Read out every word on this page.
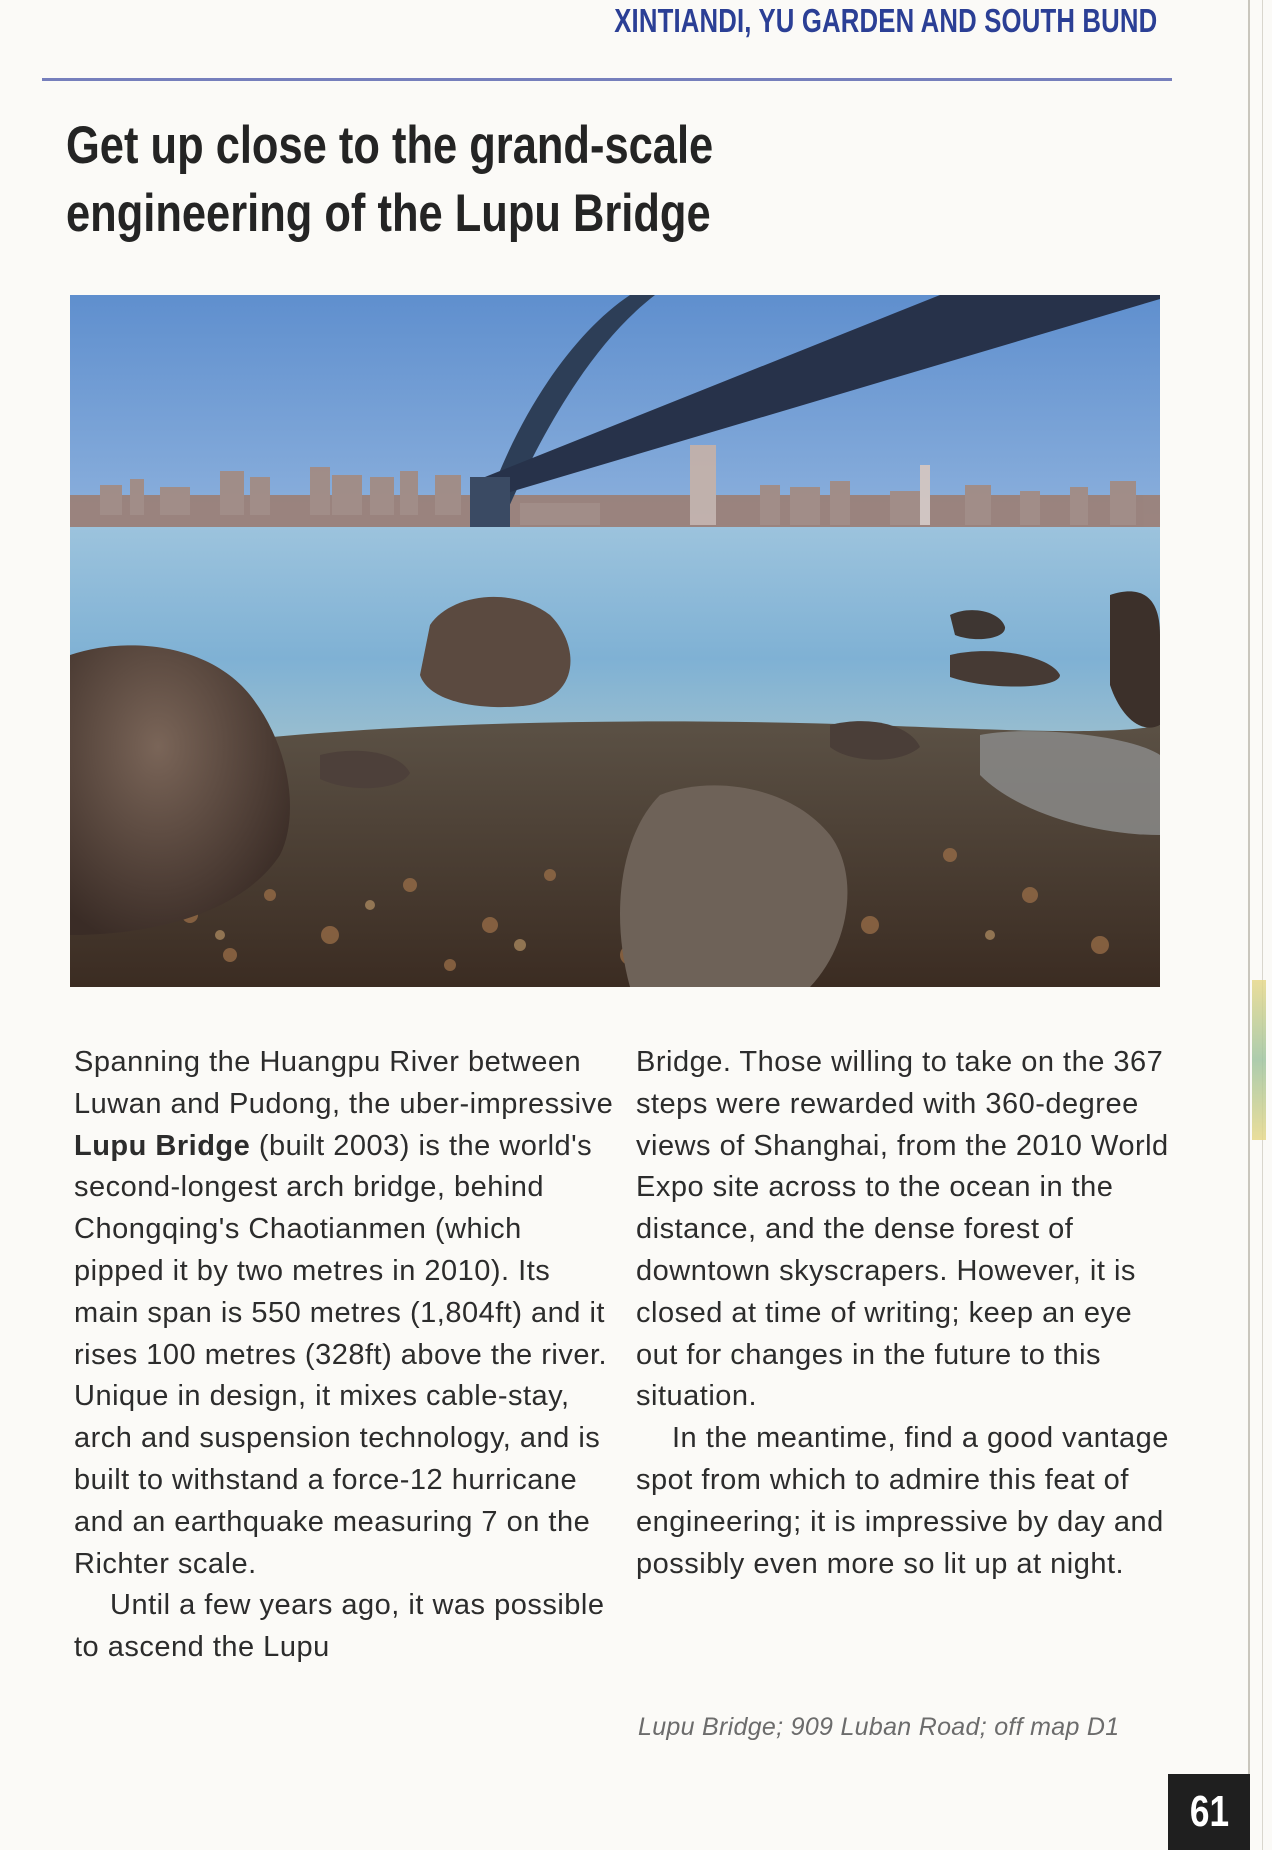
XINTIANDI, YU GARDEN AND SOUTH BUND
Get up close to the grand-scale
engineering of the Lupu Bridge

Spanning the Huangpu River between Luwan and Pudong, the uber-impressive Lupu Bridge (built 2003) is the world's second-longest arch bridge, behind Chongqing's Chaotianmen (which pipped it by two metres in 2010). Its main span is 550 metres (1,804ft) and it rises 100 metres (328ft) above the river. Unique in design, it mixes cable-stay, arch and suspension technology, and is built to withstand a force-12 hurricane and an earthquake measuring 7 on the Richter scale.

Until a few years ago, it was possible to ascend the Lupu

Bridge. Those willing to take on the 367 steps were rewarded with 360-degree views of Shanghai, from the 2010 World Expo site across to the ocean in the distance, and the dense forest of downtown skyscrapers. However, it is closed at time of writing; keep an eye out for changes in the future to this situation.

In the meantime, find a good vantage spot from which to admire this feat of engineering; it is impressive by day and possibly even more so lit up at night.

Lupu Bridge; 909 Luban Road; off map D1
61
